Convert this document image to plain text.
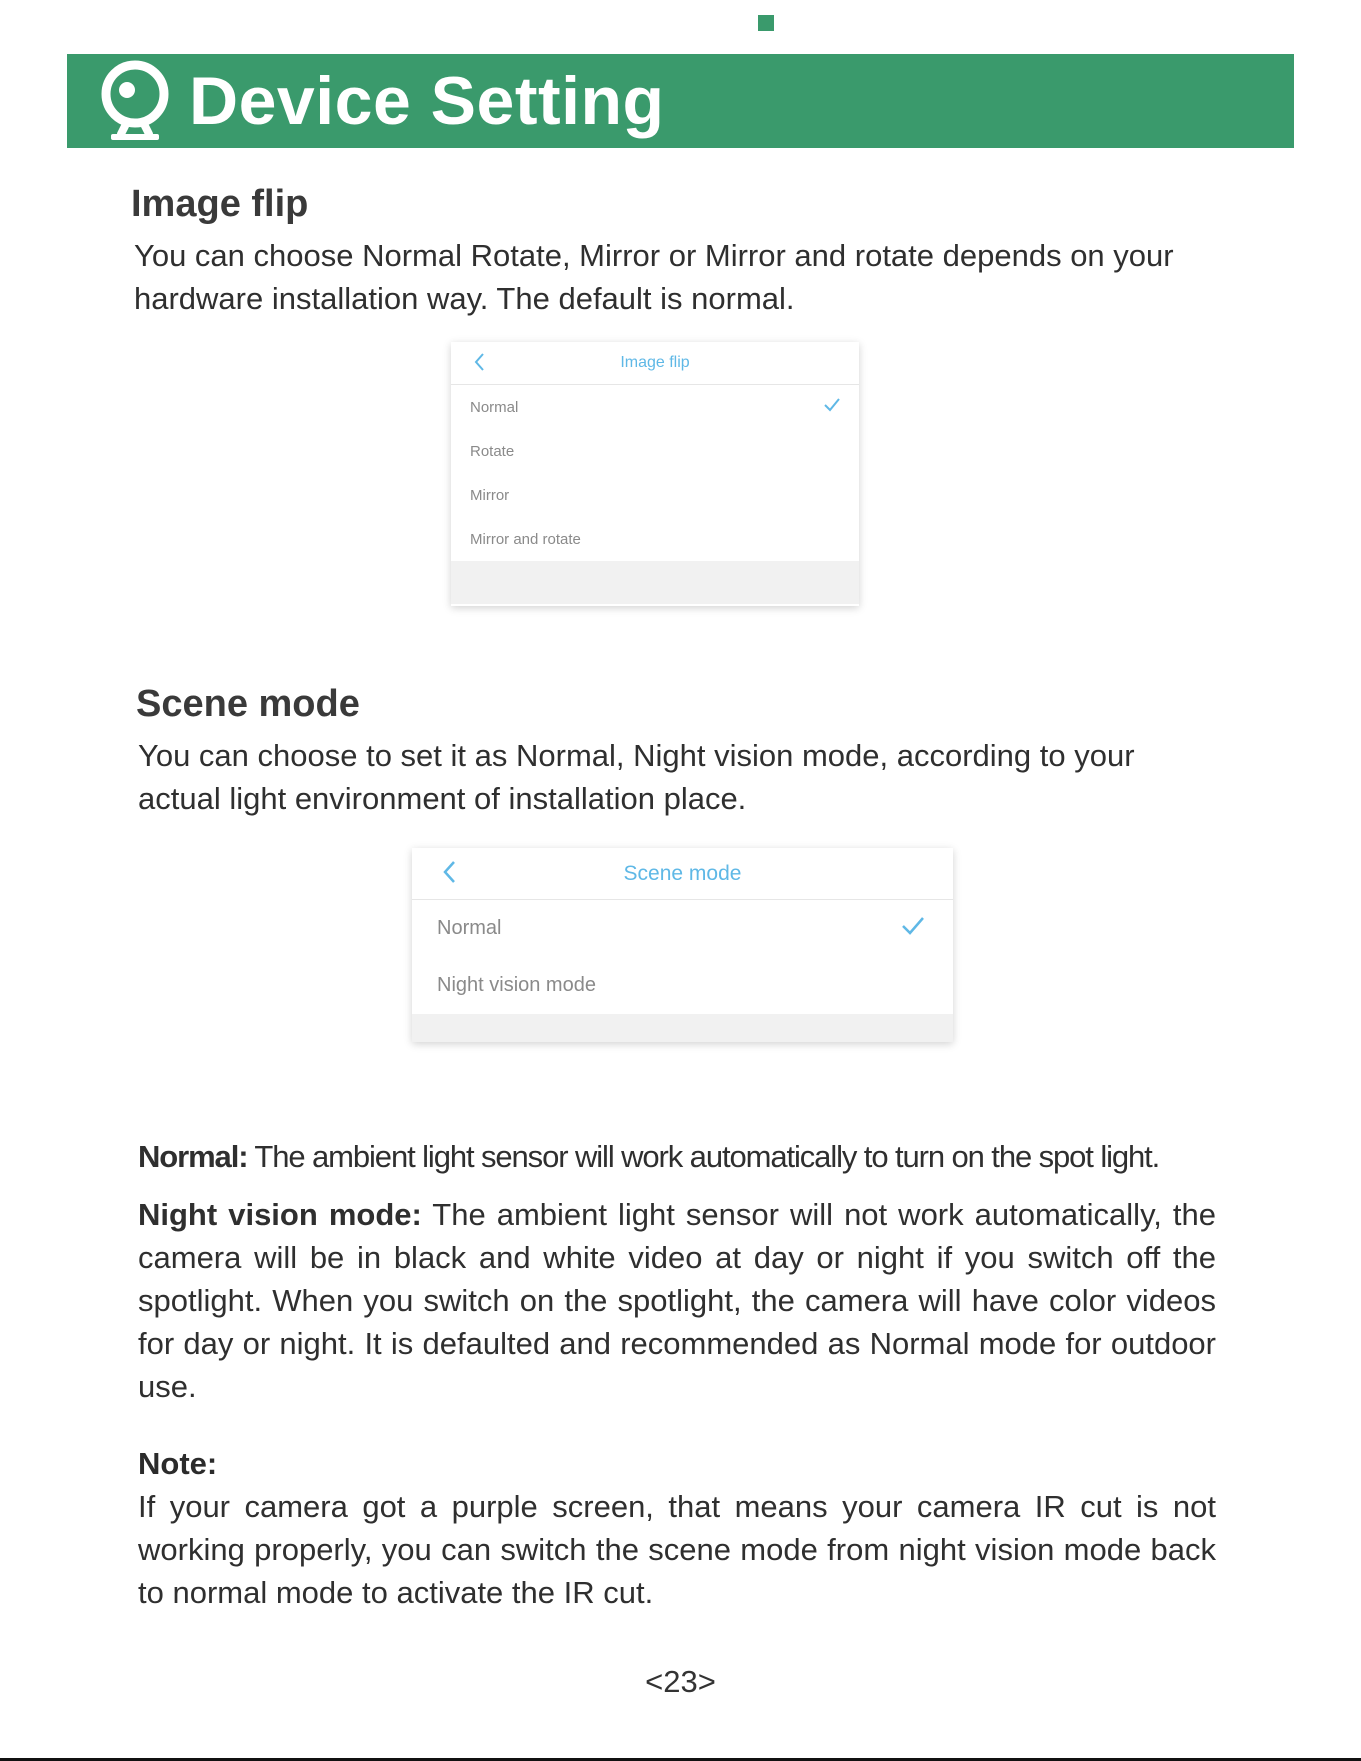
Device Setting
Image flip

You can choose Normal Rotate, Mirror or Mirror and rotate depends on your hardware installation way. The default is normal.

Image flip
Normal
Rotate
Mirror
Mirror and rotate
Scene mode

You can choose to set it as Normal, Night vision mode, according to your actual light environment of installation place.

Scene mode
Normal
Night vision mode

Normal: The ambient light sensor will work automatically to turn on the spot light.

Night vision mode: The ambient light sensor will not work automatically, the camera will be in black and white video at day or night if you switch off the spotlight. When you switch on the spotlight, the camera will have color videos for day or night. It is defaulted and recommended as Normal mode for outdoor use.

Note:

If your camera got a purple screen, that means your camera IR cut is not working properly, you can switch the scene mode from night vision mode back to normal mode to activate the IR cut.

<23>
